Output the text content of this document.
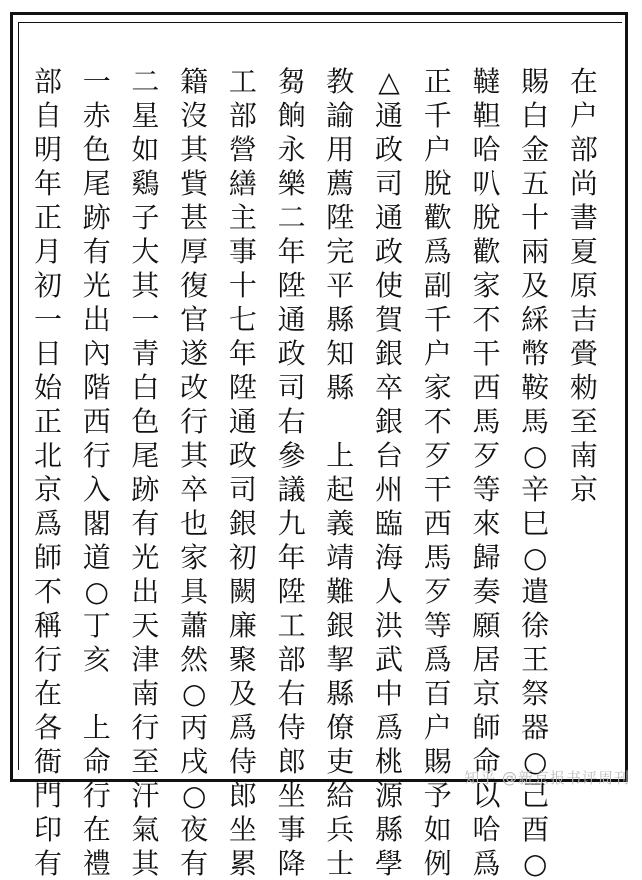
在
户
部
尚
書
夏
原
吉
賫
勑
至
南
京
賜
白
金
五
十
兩
及
綵
幣
鞍
馬
○
辛
巳
○
遣
徐
王
祭
器
○
己
酉
○
韃
靼
哈
叭
脫
歡
家
不
干
西
馬
歹
等
來
歸
奏
願
居
京
師
命
以
哈
爲
正
千
户
脫
歡
爲
副
千
户
家
不
歹
干
西
馬
歹
等
爲
百
户
賜
予
如
例
△
通
政
司
通
政
使
賀
銀
卒
銀
台
州
臨
海
人
洪
武
中
爲
桃
源
縣
學
教
諭
用
薦
陞
完
平
縣
知
縣

上
起
義
靖
難
銀
挈
縣
僚
吏
給
兵
士
芻
餉
永
樂
二
年
陞
通
政
司
右
參
議
九
年
陞
工
部
右
侍
郎
坐
事
降
工
部
營
繕
主
事
十
七
年
陞
通
政
司
銀
初
闕
廉
聚
及
爲
侍
郎
坐
累
籍
沒
其
貲
甚
厚
復
官
遂
改
行
其
卒
也
家
具
蕭
然
○
丙
戌
○
夜
有
二
星
如
鷄
子
大
其
一
青
白
色
尾
跡
有
光
出
天
津
南
行
至
汗
氣
其
一
赤
色
尾
跡
有
光
出
內
階
西
行
入
閣
道
○
丁
亥

上
命
行
在
禮
部
自
明
年
正
月
初
一
日
始
正
北
京
爲
師
不
稱
行
在
各
衙
門
印
有
知乎 @新京报书评周刊
